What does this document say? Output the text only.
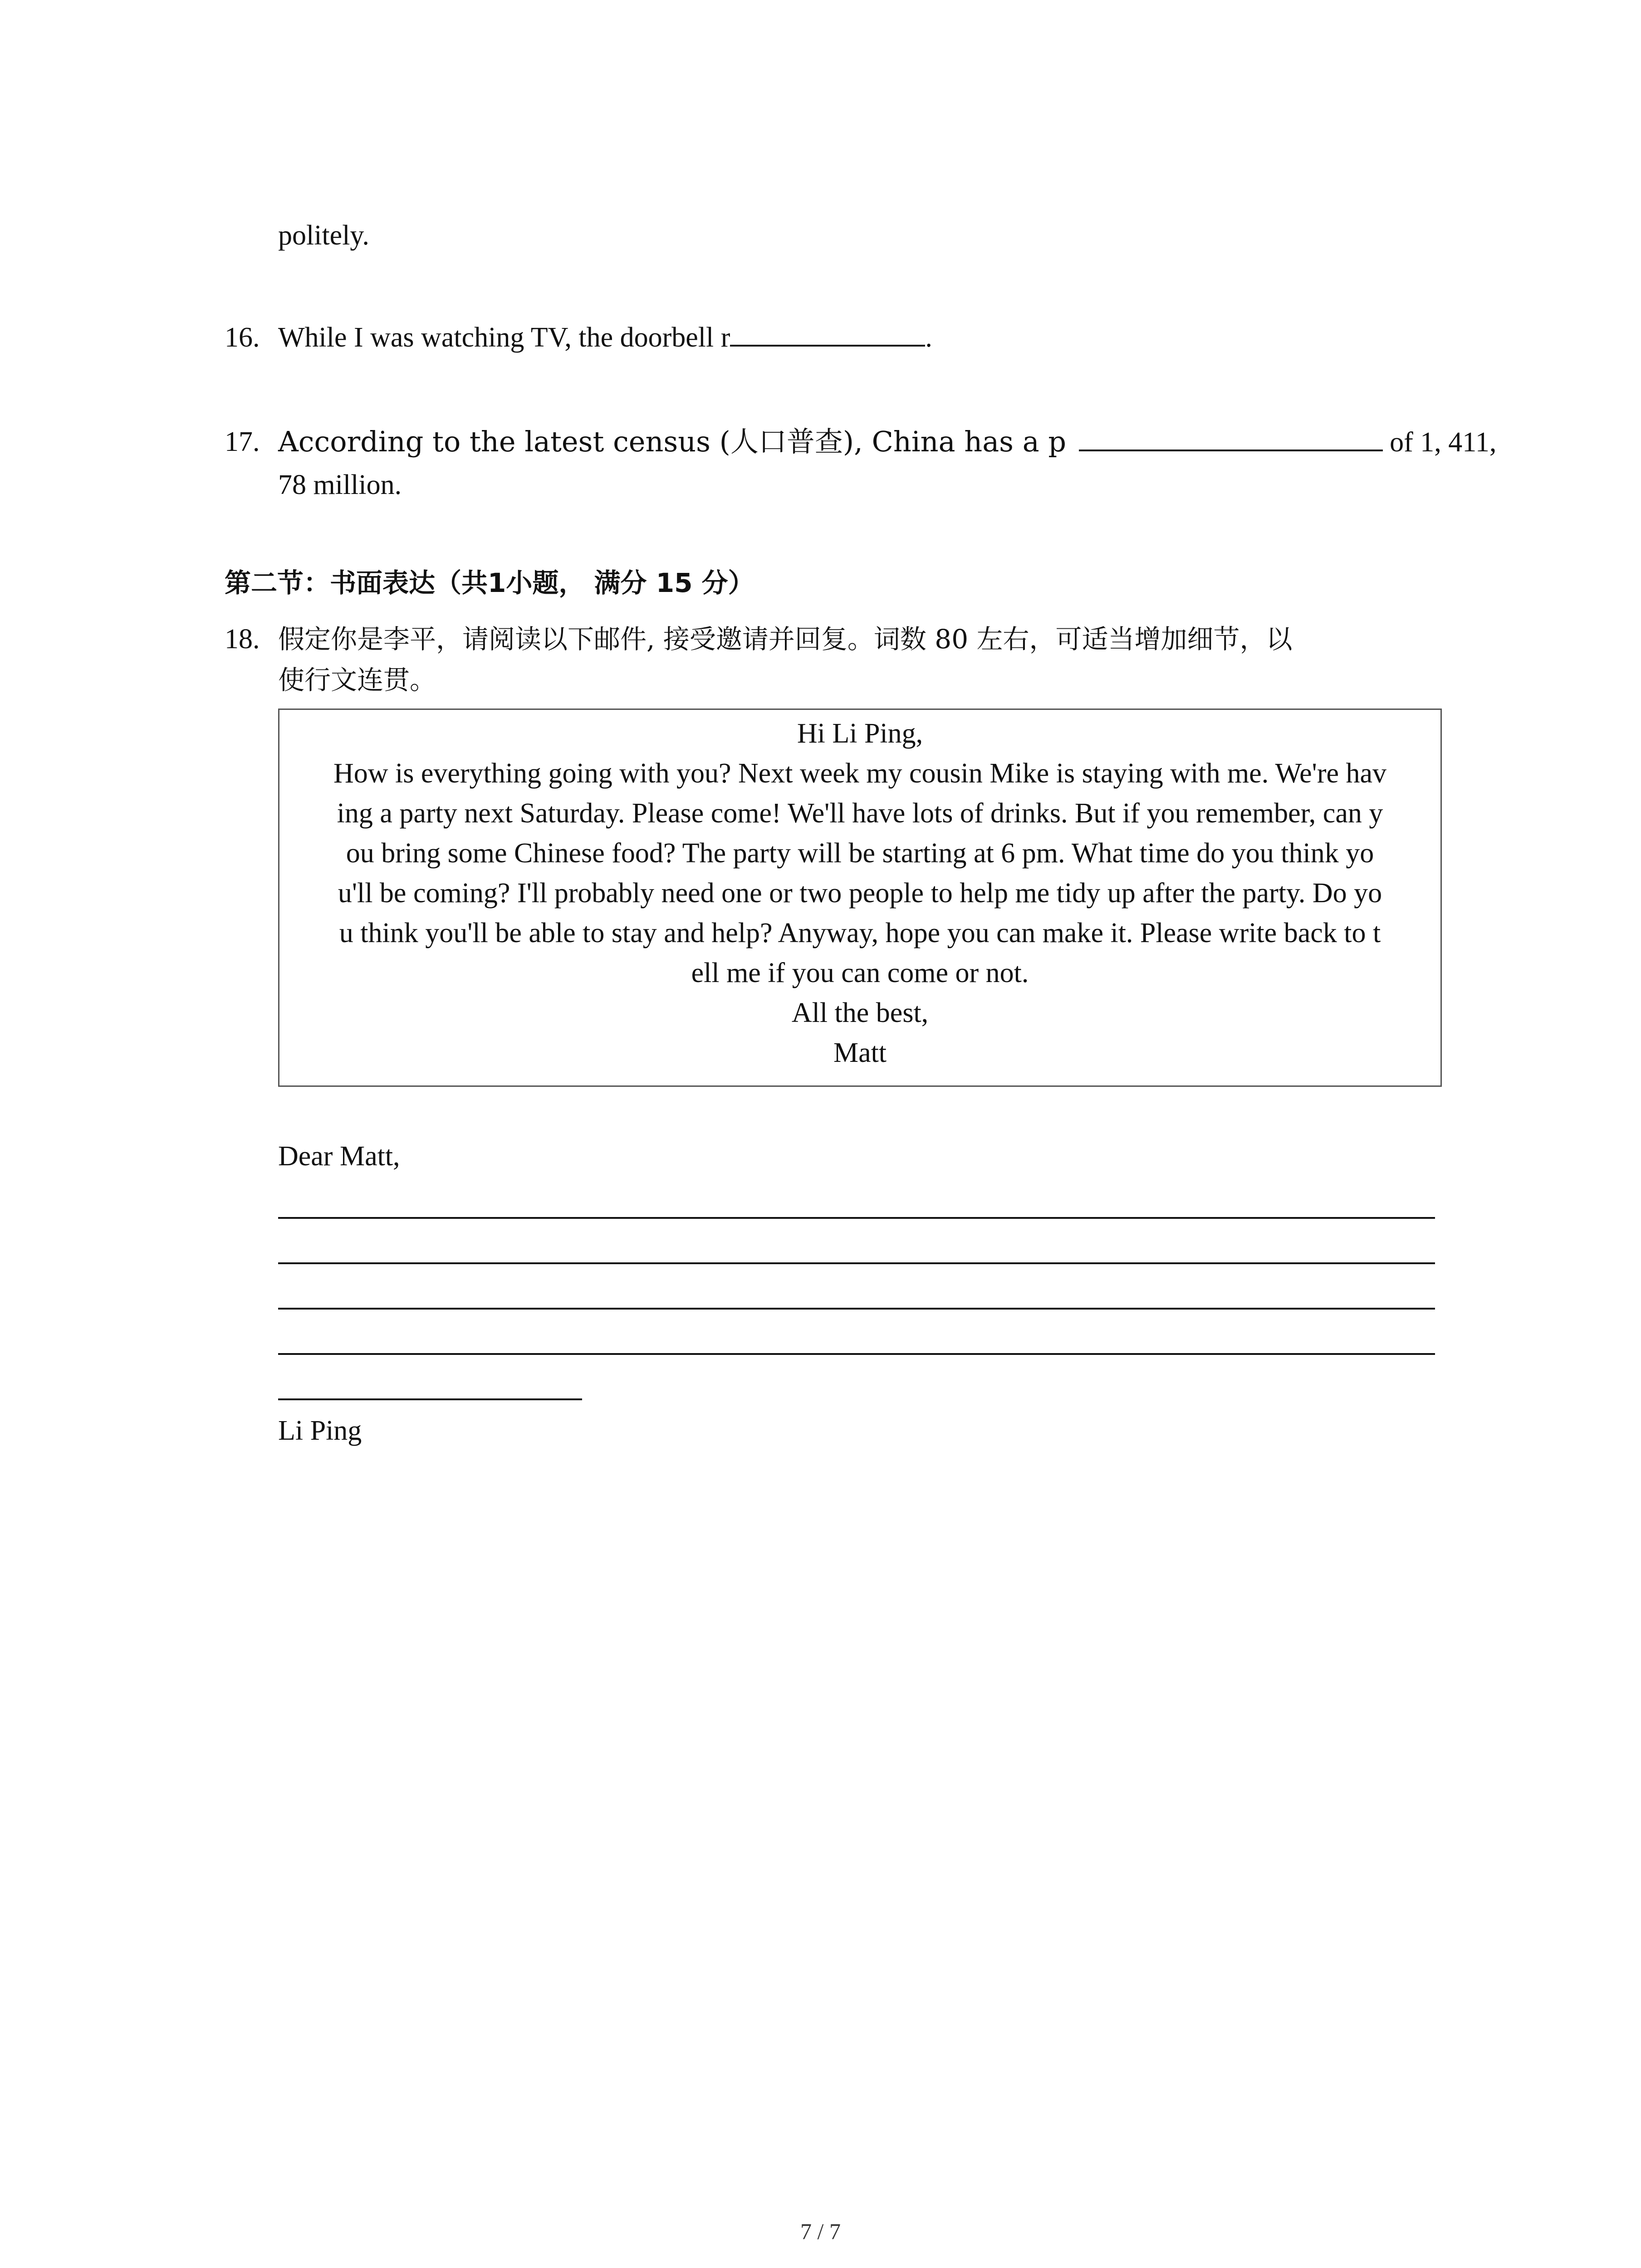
politely.
16. While I was watching TV, the doorbell r	.
17. According to the latest census (人口普查), China has a p	of 1, 411,
78 million.
第二节：书面表达（共1小题， 满分 15 分）
18. 假定你是李平，请阅读以下邮件, 接受邀请并回复。词数 80 左右，可适当增加细节，以
使行文连贯。
Hi Li Ping,
How is everything going with you? Next week my cousin Mike is staying with me. We're hav
ing a party next Saturday. Please come! We'll have lots of drinks. But if you remember, can y
ou bring some Chinese food? The party will be starting at 6 pm. What time do you think yo
u'll be coming? I'll probably need one or two people to help me tidy up after the party. Do yo
u think you'll be able to stay and help? Anyway, hope you can make it. Please write back to t
ell me if you can come or not.
All the best,
Matt
Dear Matt,
Li Ping
7 / 7
